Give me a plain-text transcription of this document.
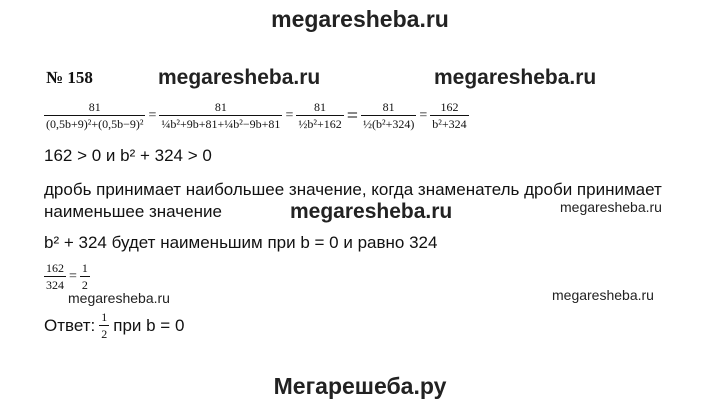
megaresheba.ru
№ 158	megaresheba.ru	megaresheba.ru
$\frac{81}{\text{(0,5b+9)²+(0,5b−9)²}} = \frac{81}{\text{¼b²+9b+81+¼b²−9b+81}} = \frac{81}{\text{½b²+162}} = \frac{81}{\text{½(b²+324)}} = \frac{162}{\text{b²+324}}$
162 > 0 и b² + 324 > 0
дробь принимает наибольшее значение, когда знаменатель дроби принимает
наименьшее значение	megaresheba.ru	megaresheba.ru
b² + 324 будет наименьшим при b = 0 и равно 324
$\frac{162}{324} = \frac{1}{2}$
megaresheba.ru	megaresheba.ru
Ответ: $\frac{1}{2}$ при b = 0
Мегарешеба.ру
